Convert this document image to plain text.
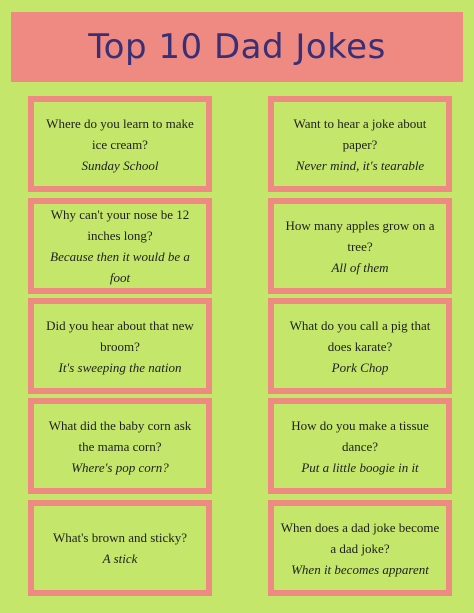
Top 10 Dad Jokes
Where do you learn to make ice cream?
Sunday School
Want to hear a joke about paper?
Never mind, it's tearable
Why can't your nose be 12 inches long?
Because then it would be a foot
How many apples grow on a tree?
All of them
Did you hear about that new broom?
It's sweeping the nation
What do you call a pig that does karate?
Pork Chop
What did the baby corn ask the mama corn?
Where's pop corn?
How do you make a tissue dance?
Put a little boogie in it
What's brown and sticky?
A stick
When does a dad joke become a dad joke?
When it becomes apparent
